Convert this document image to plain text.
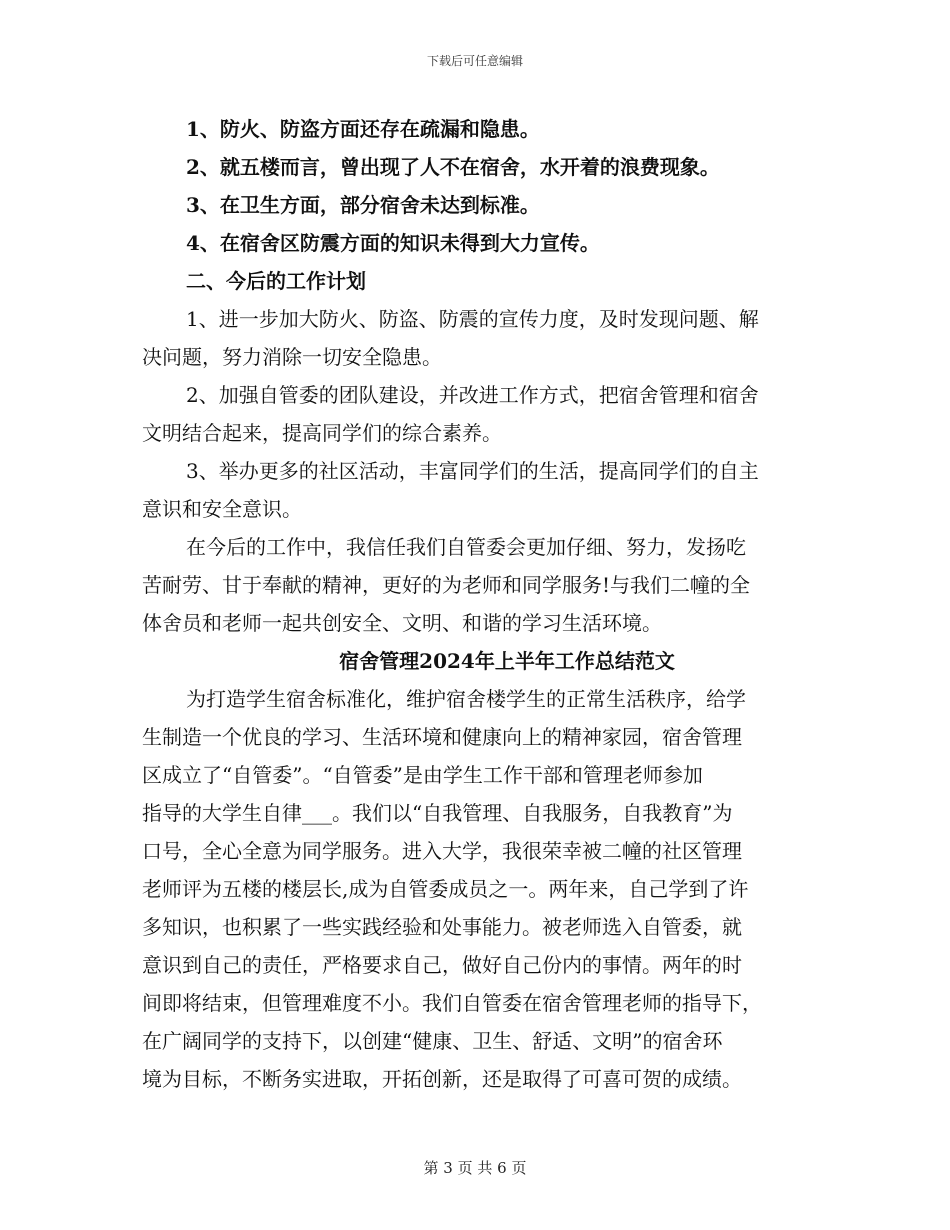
下载后可任意编辑
1、防火、防盗方面还存在疏漏和隐患。
2、就五楼而言，曾出现了人不在宿舍，水开着的浪费现象。
3、在卫生方面，部分宿舍未达到标准。
4、在宿舍区防震方面的知识未得到大力宣传。
二、今后的工作计划
1、进一步加大防火、防盗、防震的宣传力度，及时发现问题、解
决问题，努力消除一切安全隐患。
2、加强自管委的团队建设，并改进工作方式，把宿舍管理和宿舍
文明结合起来，提高同学们的综合素养。
3、举办更多的社区活动，丰富同学们的生活，提高同学们的自主
意识和安全意识。
在今后的工作中，我信任我们自管委会更加仔细、努力，发扬吃
苦耐劳、甘于奉献的精神，更好的为老师和同学服务!与我们二幢的全
体舍员和老师一起共创安全、文明、和谐的学习生活环境。
宿舍管理2024年上半年工作总结范文
为打造学生宿舍标准化，维护宿舍楼学生的正常生活秩序，给学
生制造一个优良的学习、生活环境和健康向上的精神家园，宿舍管理
区成立了“自管委”。“自管委”是由学生工作干部和管理老师参加
指导的大学生自律___。我们以“自我管理、自我服务，自我教育”为
口号，全心全意为同学服务。进入大学，我很荣幸被二幢的社区管理
老师评为五楼的楼层长,成为自管委成员之一。两年来，自己学到了许
多知识，也积累了一些实践经验和处事能力。被老师选入自管委，就
意识到自己的责任，严格要求自己，做好自己份内的事情。两年的时
间即将结束，但管理难度不小。我们自管委在宿舍管理老师的指导下，
在广阔同学的支持下，以创建“健康、卫生、舒适、文明”的宿舍环
境为目标，不断务实进取，开拓创新，还是取得了可喜可贺的成绩。
第 3 页 共 6 页
